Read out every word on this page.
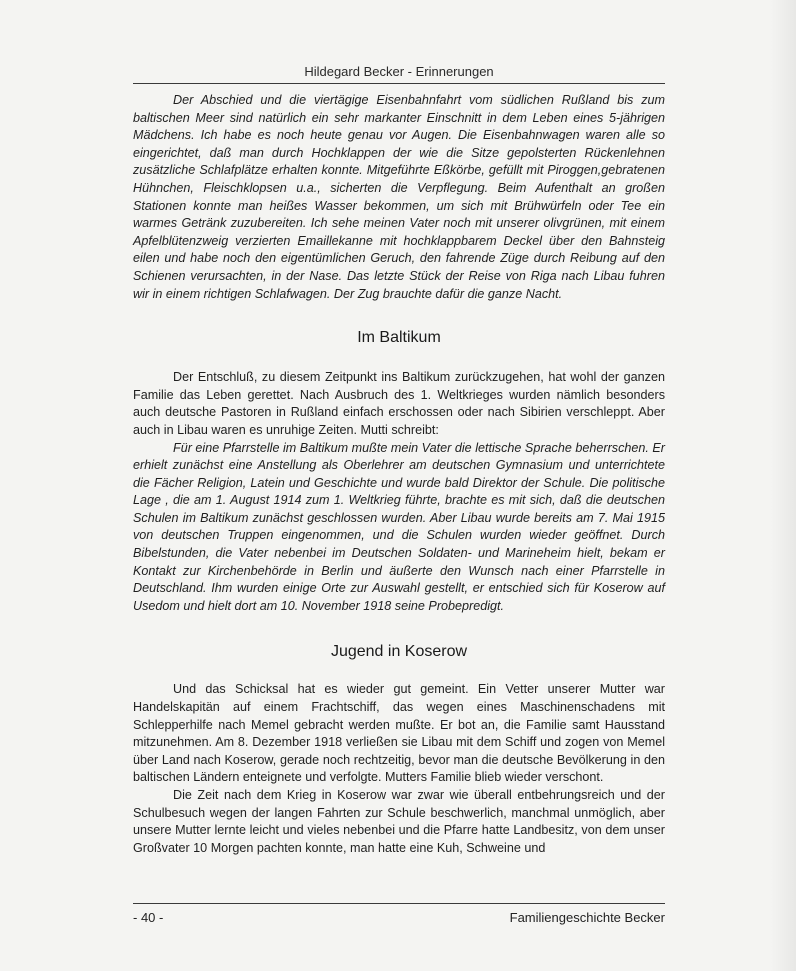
Hildegard Becker - Erinnerungen

Der Abschied und die viertägige Eisenbahnfahrt vom südlichen Rußland bis zum baltischen Meer sind natürlich ein sehr markanter Einschnitt in dem Leben eines 5-jährigen Mädchens. Ich habe es noch heute genau vor Augen. Die Eisenbahnwagen waren alle so eingerichtet, daß man durch Hochklappen der wie die Sitze gepolsterten Rückenlehnen zusätzliche Schlafplätze erhalten konnte. Mitgeführte Eßkörbe, gefüllt mit Piroggen,gebratenen Hühnchen, Fleischklopsen u.a., sicherten die Verpflegung. Beim Aufenthalt an großen Stationen konnte man heißes Wasser bekommen, um sich mit Brühwürfeln oder Tee ein warmes Getränk zuzubereiten. Ich sehe meinen Vater noch mit unserer olivgrünen, mit einem Apfelblütenzweig verzierten Emaillekanne mit hochklappbarem Deckel über den Bahnsteig eilen und habe noch den eigentümlichen Geruch, den fahrende Züge durch Reibung auf den Schienen verursachten, in der Nase. Das letzte Stück der Reise von Riga nach Libau fuhren wir in einem richtigen Schlafwagen. Der Zug brauchte dafür die ganze Nacht.

Im Baltikum

Der Entschluß, zu diesem Zeitpunkt ins Baltikum zurückzugehen, hat wohl der ganzen Familie das Leben gerettet. Nach Ausbruch des 1. Weltkrieges wurden nämlich besonders auch deutsche Pastoren in Rußland einfach erschossen oder nach Sibirien verschleppt. Aber auch in Libau waren es unruhige Zeiten. Mutti schreibt:

Für eine Pfarrstelle im Baltikum mußte mein Vater die lettische Sprache beherrschen. Er erhielt zunächst eine Anstellung als Oberlehrer am deutschen Gymnasium und unterrichtete die Fächer Religion, Latein und Geschichte und wurde bald Direktor der Schule. Die politische Lage , die am 1. August 1914 zum 1. Weltkrieg führte, brachte es mit sich, daß die deutschen Schulen im Baltikum zunächst geschlossen wurden. Aber Libau wurde bereits am 7. Mai 1915 von deutschen Truppen eingenommen, und die Schulen wurden wieder geöffnet. Durch Bibelstunden, die Vater nebenbei im Deutschen Soldaten- und Marineheim hielt, bekam er Kontakt zur Kirchenbehörde in Berlin und äußerte den Wunsch nach einer Pfarrstelle in Deutschland. Ihm wurden einige Orte zur Auswahl gestellt, er entschied sich für Koserow auf Usedom und hielt dort am 10. November 1918 seine Probepredigt.

Jugend in Koserow

Und das Schicksal hat es wieder gut gemeint. Ein Vetter unserer Mutter war Handelskapitän auf einem Frachtschiff, das wegen eines Maschinenschadens mit Schlepperhilfe nach Memel gebracht werden mußte. Er bot an, die Familie samt Hausstand mitzunehmen. Am 8. Dezember 1918 verließen sie Libau mit dem Schiff und zogen von Memel über Land nach Koserow, gerade noch rechtzeitig, bevor man die deutsche Bevölkerung in den baltischen Ländern enteignete und verfolgte. Mutters Familie blieb wieder verschont.

Die Zeit nach dem Krieg in Koserow war zwar wie überall entbehrungsreich und der Schulbesuch wegen der langen Fahrten zur Schule beschwerlich, manchmal unmöglich, aber unsere Mutter lernte leicht und vieles nebenbei und die Pfarre hatte Landbesitz, von dem unser Großvater 10 Morgen pachten konnte, man hatte eine Kuh, Schweine und

- 40 -	Familiengeschichte Becker
